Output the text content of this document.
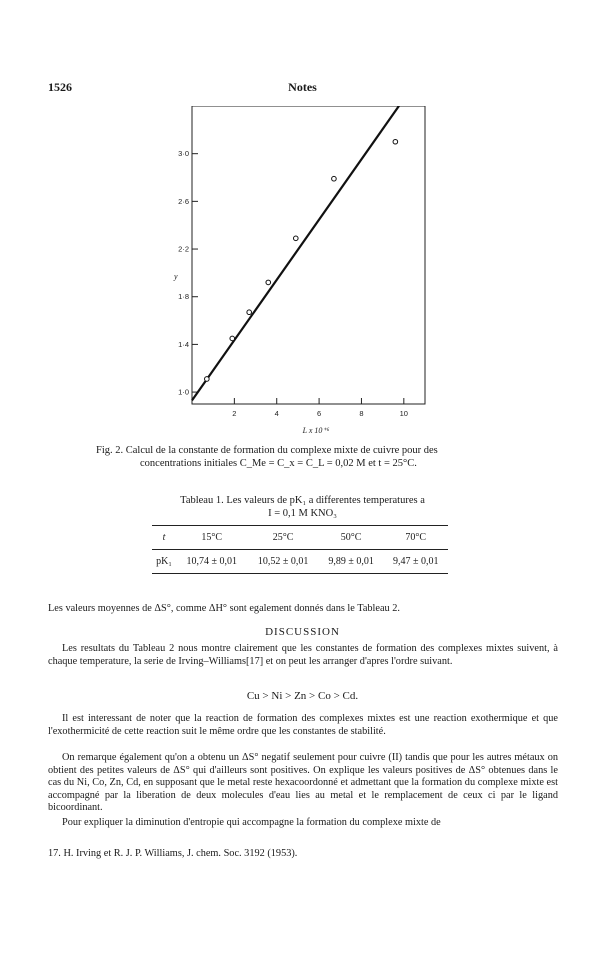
1526	Notes
1·0
1·4
1·8
2·2
2·6
3·0
2	4	6	8	10
y
L x 10⁺⁶
Fig. 2. Calcul de la constante de formation du complexe mixte de cuivre pour des
concentrations initiales C_Me = C_x = C_L = 0,02 M et t = 25°C.
Tableau 1. Les valeurs de pK₁ a differentes temperatures a
I = 0,1 M KNO₃
t	15°C	25°C	50°C	70°C
pK₁	10,74 ± 0,01	10,52 ± 0,01	9,89 ± 0,01	9,47 ± 0,01
Les valeurs moyennes de ΔS°, comme ΔH° sont egalement donnés dans le Tableau 2.
DISCUSSION
Les resultats du Tableau 2 nous montre clairement que les constantes de formation des complexes mixtes suivent, à chaque temperature, la serie de Irving–Williams[17] et on peut les arranger d'apres l'ordre suivant.
Cu > Ni > Zn > Co > Cd.
Il est interessant de noter que la reaction de formation des complexes mixtes est une reaction exothermique et que l'exothermicité de cette reaction suit le même ordre que les constantes de stabilité.
On remarque également qu'on a obtenu un ΔS° negatif seulement pour cuivre (II) tandis que pour les autres métaux on obtient des petites valeurs de ΔS° qui d'ailleurs sont positives. On explique les valeurs positives de ΔS° obtenues dans le cas du Ni, Co, Zn, Cd, en supposant que le metal reste hexacoordonné et admettant que la formation du complexe mixte est accompagné par la liberation de deux molecules d'eau lies au metal et le remplacement de ceux ci par le ligand bicoordinant.
Pour expliquer la diminution d'entropie qui accompagne la formation du complexe mixte de
17. H. Irving et R. J. P. Williams, J. chem. Soc. 3192 (1953).
